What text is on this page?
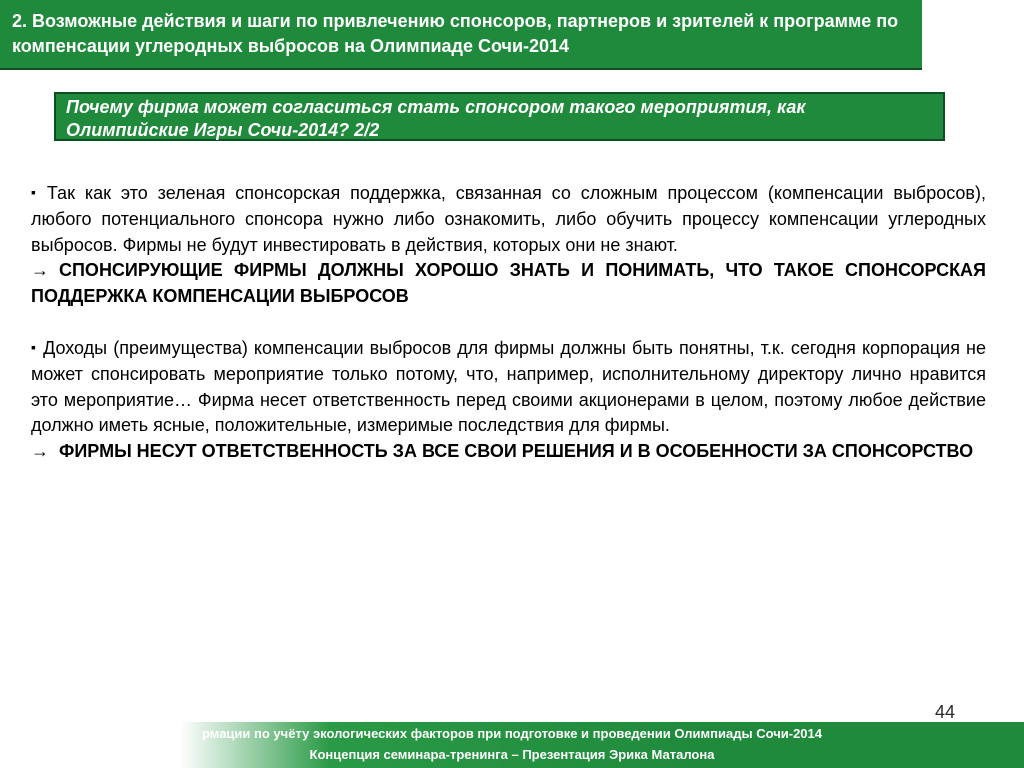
2. Возможные действия и шаги по привлечению спонсоров, партнеров и зрителей к программе по компенсации углеродных выбросов на Олимпиаде Сочи-2014
Почему фирма может согласиться стать спонсором такого мероприятия, как Олимпийские Игры Сочи-2014? 2/2

▪ Так как это зеленая спонсорская поддержка, связанная со сложным процессом (компенсации выбросов), любого потенциального спонсора нужно либо ознакомить, либо обучить процессу компенсации углеродных выбросов. Фирмы не будут инвестировать в действия, которых они не знают.

→ СПОНСИРУЮЩИЕ ФИРМЫ ДОЛЖНЫ ХОРОШО ЗНАТЬ И ПОНИМАТЬ, ЧТО ТАКОЕ СПОНСОРСКАЯ ПОДДЕРЖКА КОМПЕНСАЦИИ ВЫБРОСОВ

▪ Доходы (преимущества) компенсации выбросов для фирмы должны быть понятны, т.к. сегодня корпорация не может спонсировать мероприятие только потому, что, например, исполнительному директору лично нравится это мероприятие… Фирма несет ответственность перед своими акционерами в целом, поэтому любое действие должно иметь ясные, положительные, измеримые последствия для фирмы.

→ ФИРМЫ НЕСУТ ОТВЕТСТВЕННОСТЬ ЗА ВСЕ СВОИ РЕШЕНИЯ И В ОСОБЕННОСТИ ЗА СПОНСОРСТВО

44
рмации по учёту экологических факторов при подготовке и проведении Олимпиады Сочи-2014
Концепция семинара-тренинга – Презентация Эрика Маталона
